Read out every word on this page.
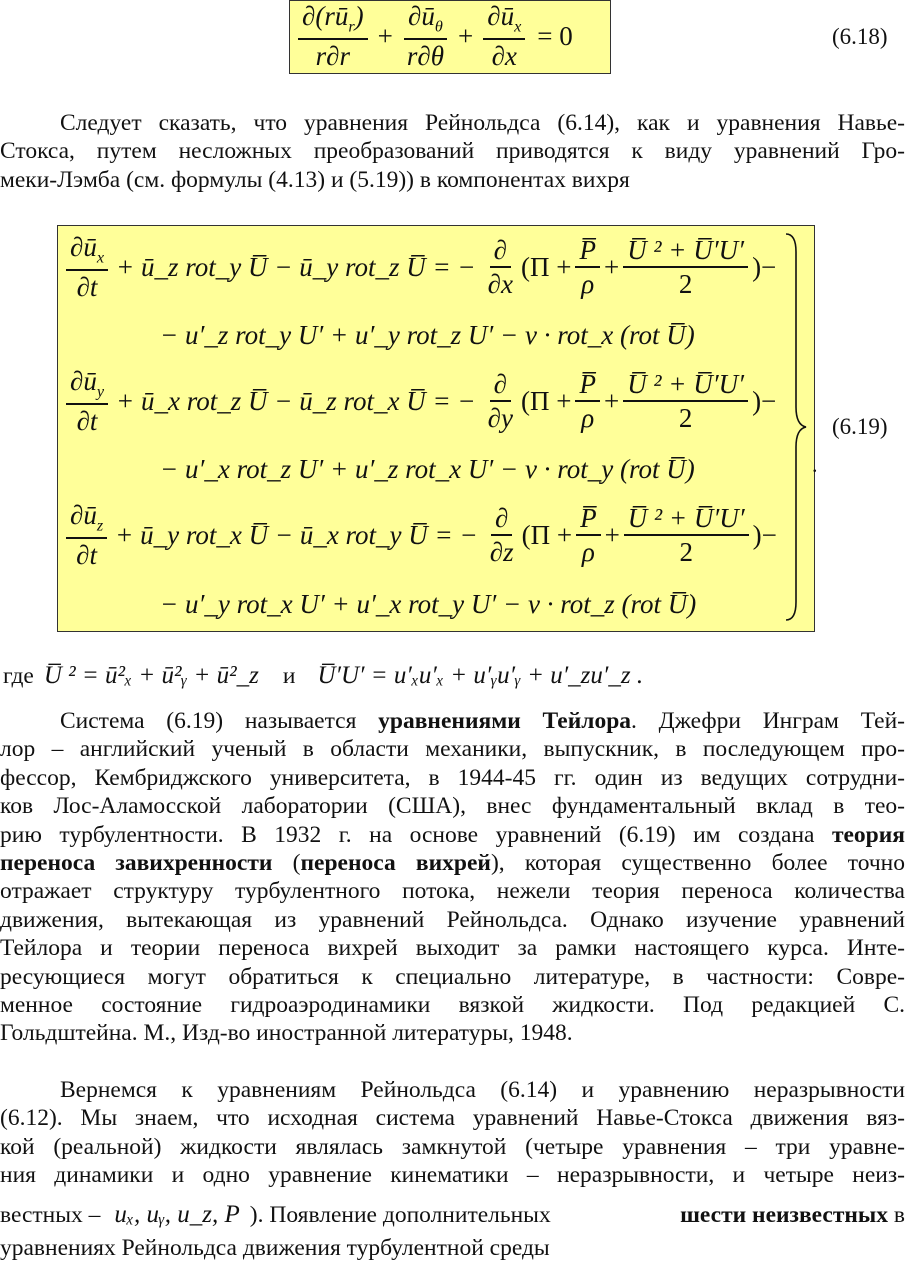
$\frac{\partial(rū_r)}{r\partial r} + \frac{\partial ū_\theta}{r\partial\theta} + \frac{\partial ū_x}{\partial x} = 0$	(6.18)
Следует сказать, что уравнения Рейнольдса (6.14), как и уравнения Навье-
Стокса, путем несложных преобразований приводятся к виду уравнений Гро-
меки-Лэмба (см. формулы (4.13) и (5.19)) в компонентах вихря
$\frac{\partial ū_x}{\partial t}$ + ū_z rot_y U̅ − ū_y rot_z U̅ = − $\frac{\partial}{\partial x} (\Pi + \frac{P̅}{\rho} + \frac{\text{U̅ ² + U̅′U′}}{2}$ )−
− u′_z rot_y U′ + u′_y rot_z U′ − ν · rot_x (rot U̅)
$\frac{\partial ū_y}{\partial t}$ + ū_x rot_z U̅ − ū_z rot_x U̅ = − $\frac{\partial}{\partial y} (\Pi + \frac{P̅}{\rho} + \frac{\text{U̅ ² + U̅′U′}}{2}$ )−
− u′_x rot_z U′ + u′_z rot_x U′ − ν · rot_y (rot U̅)
$\frac{\partial ū_z}{\partial t}$ + ū_y rot_x U̅ − ū_x rot_y U̅ = − $\frac{\partial}{\partial z} (\Pi + \frac{P̅}{\rho} + \frac{\text{U̅ ² + U̅′U′}}{2}$ )−
− u′_y rot_x U′ + u′_x rot_y U′ − ν · rot_z (rot U̅)
.
(6.19)
где U̅ ² = ū²ₓ + ū²ᵧ + ū²_z и U̅′U′ = u′ₓu′ₓ + u′ᵧu′ᵧ + u′_zu′_z .
Система (6.19) называется уравнениями Тейлора. Джефри Инграм Тей-
лор – английский ученый в области механики, выпускник, в последующем про-
фессор, Кембриджского университета, в 1944-45 гг. один из ведущих сотрудни-
ков Лос-Аламосской лаборатории (США), внес фундаментальный вклад в тео-
рию турбулентности. В 1932 г. на основе уравнений (6.19) им создана теория
переноса завихренности (переноса вихрей), которая существенно более точно
отражает структуру турбулентного потока, нежели теория переноса количества
движения, вытекающая из уравнений Рейнольдса. Однако изучение уравнений
Тейлора и теории переноса вихрей выходит за рамки настоящего курса. Инте-
ресующиеся могут обратиться к специально литературе, в частности: Совре-
менное состояние гидроаэродинамики вязкой жидкости. Под редакцией С.
Гольдштейна. М., Изд-во иностранной литературы, 1948.
Вернемся к уравнениям Рейнольдса (6.14) и уравнению неразрывности
(6.12). Мы знаем, что исходная система уравнений Навье-Стокса движения вяз-
кой (реальной) жидкости являлась замкнутой (четыре уравнения – три уравне-
ния динамики и одно уравнение кинематики – неразрывности, и четыре неиз-
вестных – uₓ, uᵧ, u_z, P ). Появление дополнительных	шести неизвестных в
уравнениях Рейнольдса движения турбулентной среды
